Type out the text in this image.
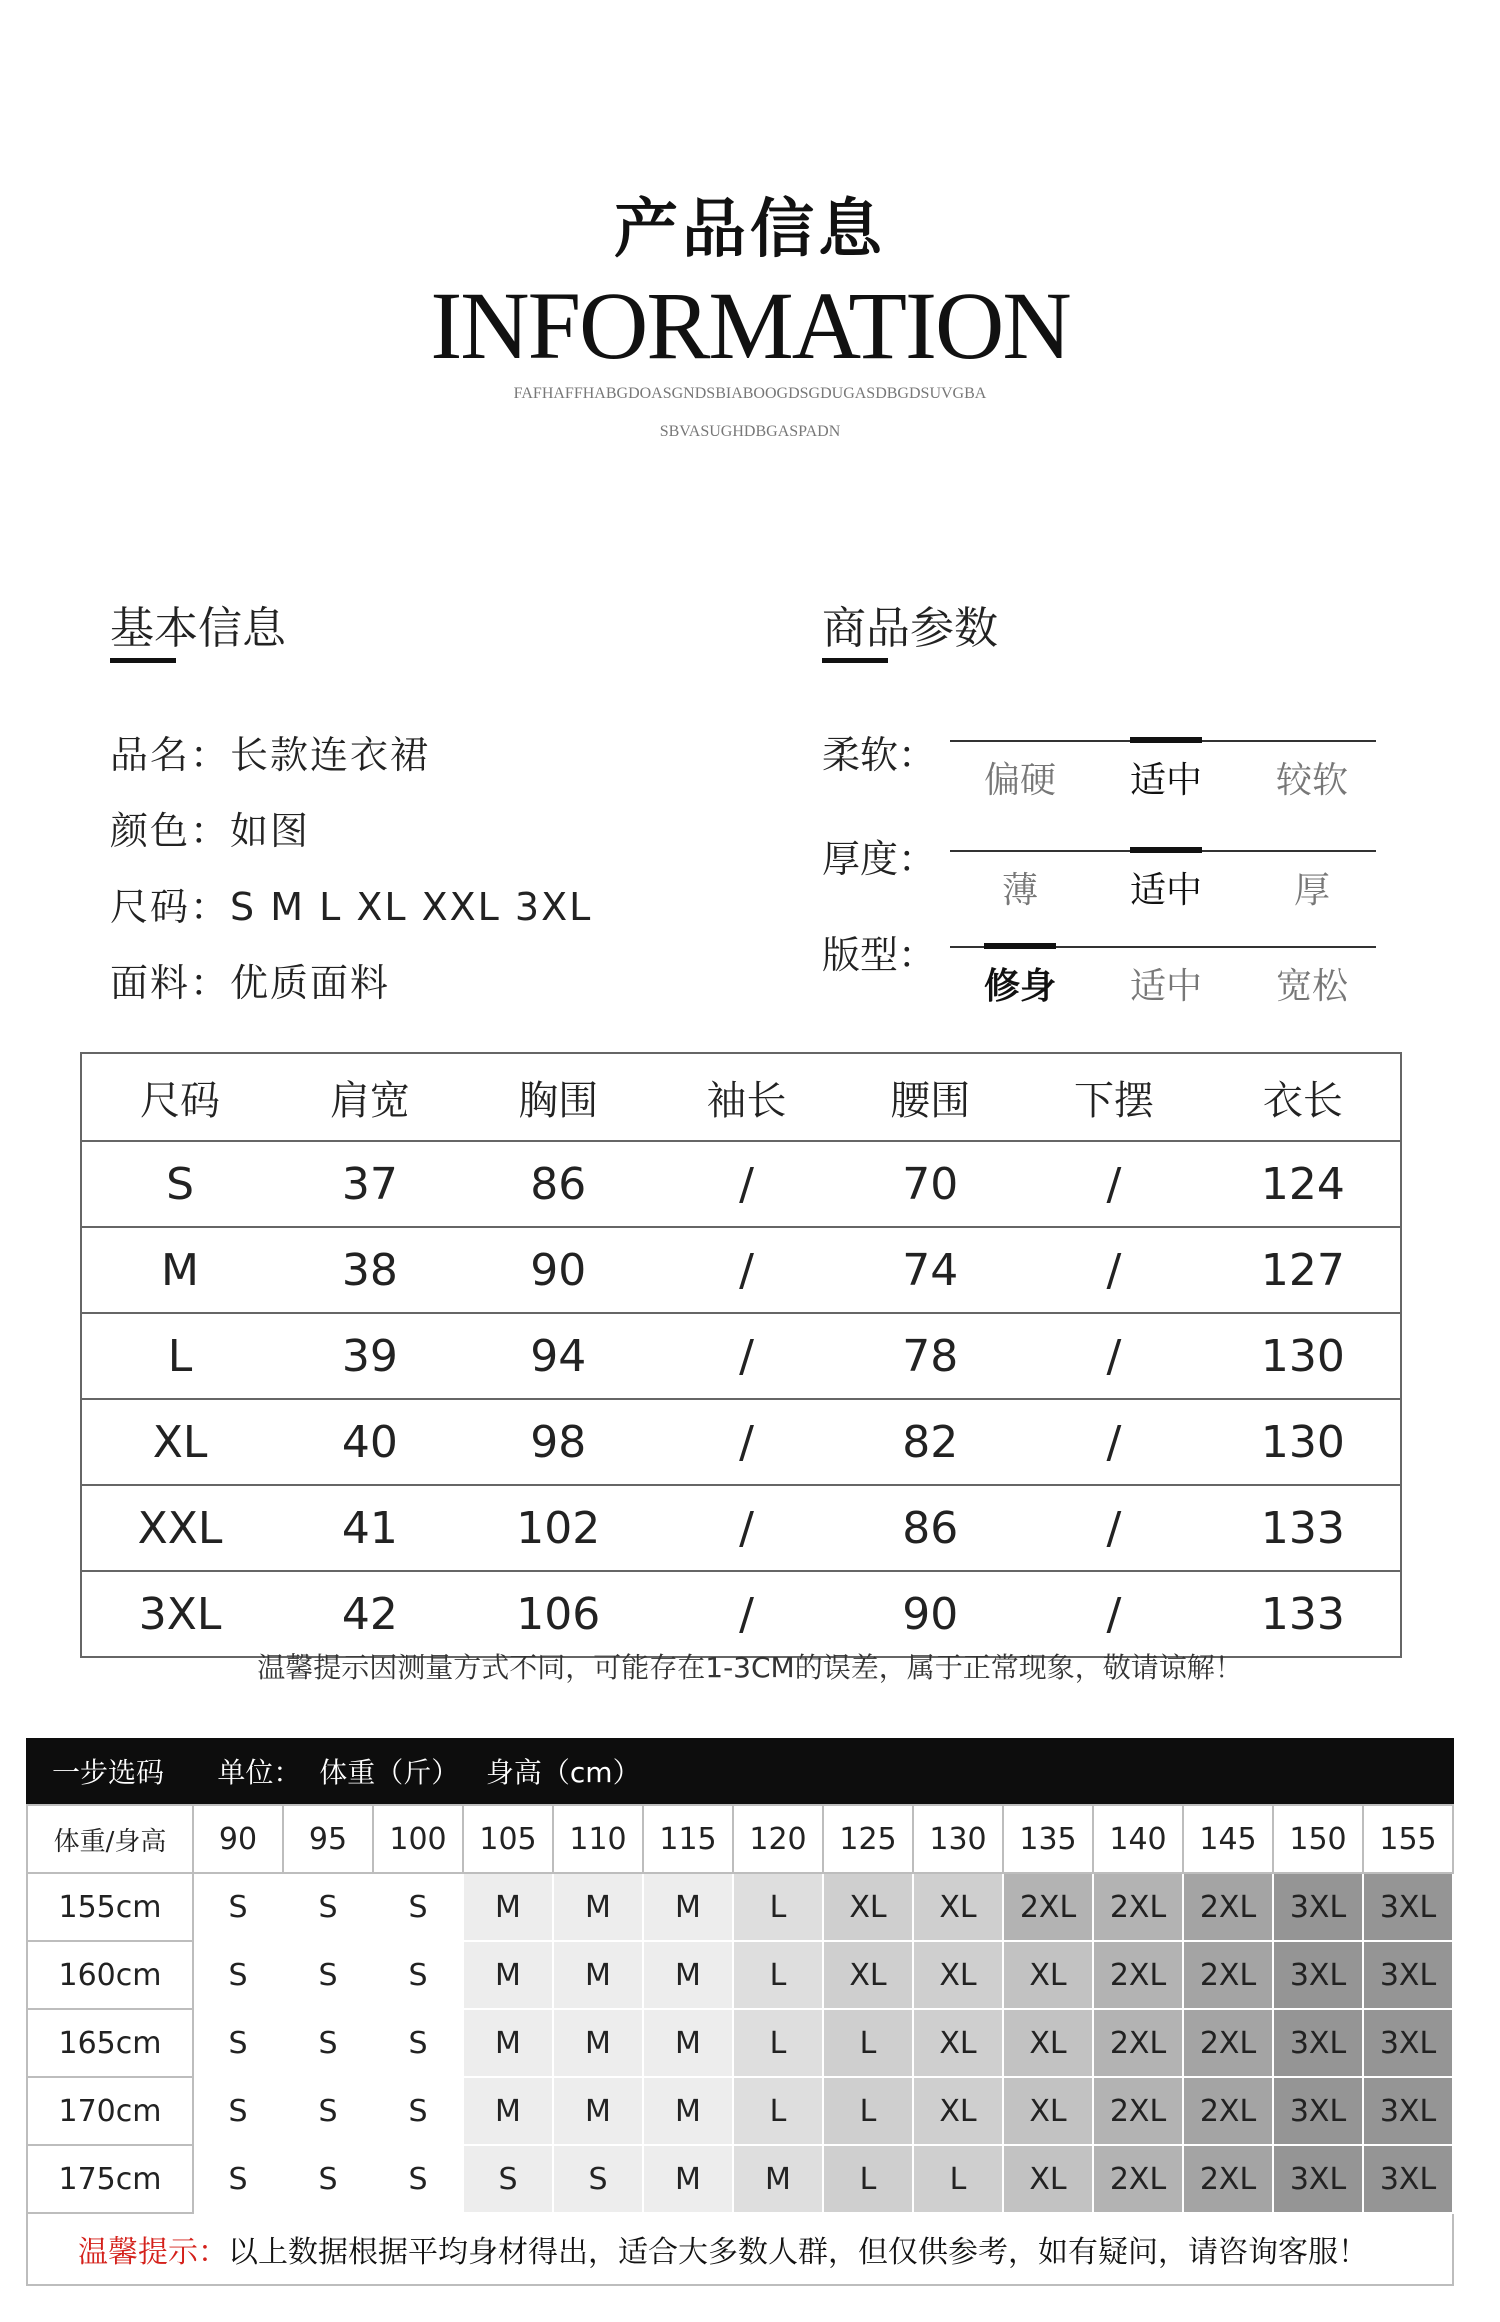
产品信息
INFORMATION
FAFHAFFHABGDOASGNDSBIABOOGDSGDUGASDBGDSUVGBA
SBVASUGHDBGASPADN
基本信息
品名：长款连衣裙
颜色：如图
尺码：S M L XL XXL 3XL
面料：优质面料
商品参数
柔软：
偏硬	适中	较软
厚度：
薄	适中	厚
版型：
修身	适中	宽松
尺码	肩宽	胸围	袖长	腰围	下摆	衣长
S	37	86	/	70	/	124
M	38	90	/	74	/	127
L	39	94	/	78	/	130
XL	40	98	/	82	/	130
XXL	41	102	/	86	/	133
3XL	42	106	/	90	/	133
温馨提示因测量方式不同，可能存在1-3CM的误差，属于正常现象，敬请谅解！
一步选码      单位：  体重（斤）   身高（cm）
体重/身高	90	95	100	105	110	115	120	125	130	135	140	145	150	155
155cm	S	S	S	M	M	M	L	XL	XL	2XL	2XL	2XL	3XL	3XL
160cm	S	S	S	M	M	M	L	XL	XL	XL	2XL	2XL	3XL	3XL
165cm	S	S	S	M	M	M	L	L	XL	XL	2XL	2XL	3XL	3XL
170cm	S	S	S	M	M	M	L	L	XL	XL	2XL	2XL	3XL	3XL
175cm	S	S	S	S	S	M	M	L	L	XL	2XL	2XL	3XL	3XL
温馨提示： 以上数据根据平均身材得出，适合大多数人群，但仅供参考，如有疑问，请咨询客服！
